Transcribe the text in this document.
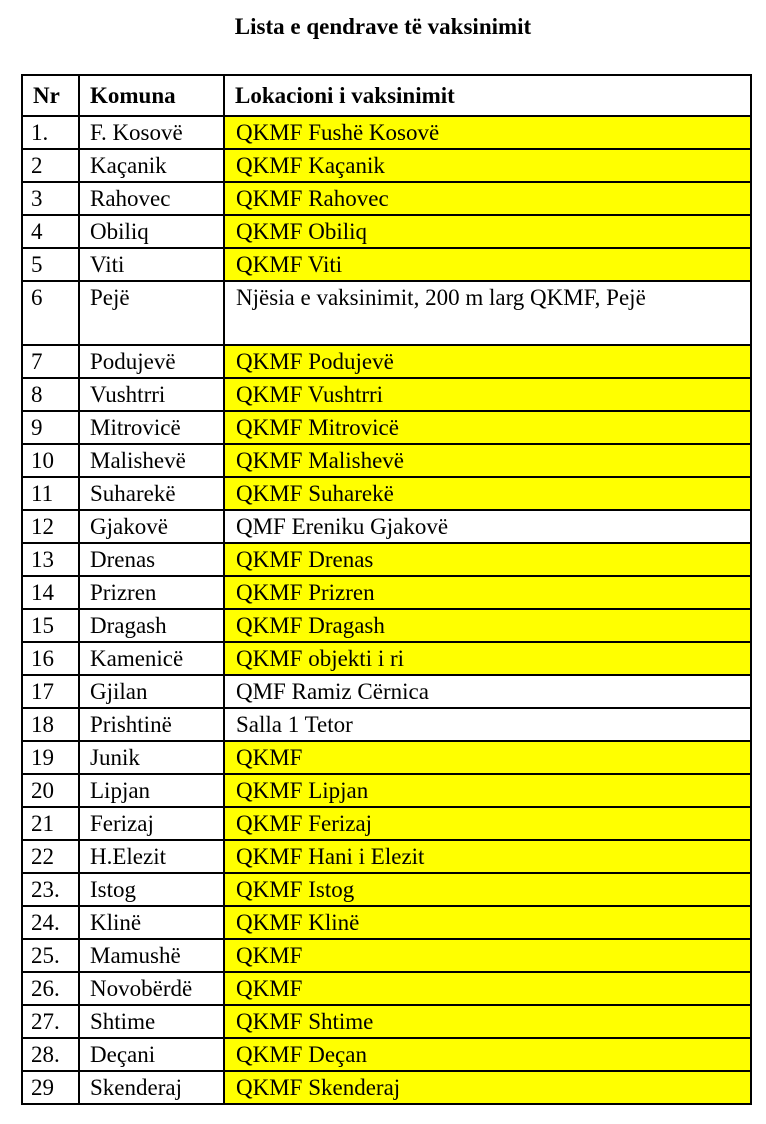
Lista e qendrave të vaksinimit
Nr	Komuna	Lokacioni i vaksinimit
1.	F. Kosovë	QKMF Fushë Kosovë
2	Kaçanik	QKMF Kaçanik
3	Rahovec	QKMF Rahovec
4	Obiliq	QKMF Obiliq
5	Viti	QKMF Viti
6	Pejë	Njësia e vaksinimit, 200 m larg QKMF, Pejë
7	Podujevë	QKMF Podujevë
8	Vushtrri	QKMF Vushtrri
9	Mitrovicë	QKMF Mitrovicë
10	Malishevë	QKMF Malishevë
11	Suharekë	QKMF Suharekë
12	Gjakovë	QMF Ereniku Gjakovë
13	Drenas	QKMF Drenas
14	Prizren	QKMF Prizren
15	Dragash	QKMF Dragash
16	Kamenicë	QKMF objekti i ri
17	Gjilan	QMF Ramiz Cërnica
18	Prishtinë	Salla 1 Tetor
19	Junik	QKMF
20	Lipjan	QKMF Lipjan
21	Ferizaj	QKMF Ferizaj
22	H.Elezit	QKMF Hani i Elezit
23.	Istog	QKMF Istog
24.	Klinë	QKMF Klinë
25.	Mamushë	QKMF
26.	Novobërdë	QKMF
27.	Shtime	QKMF Shtime
28.	Deçani	QKMF Deçan
29	Skenderaj	QKMF Skenderaj
